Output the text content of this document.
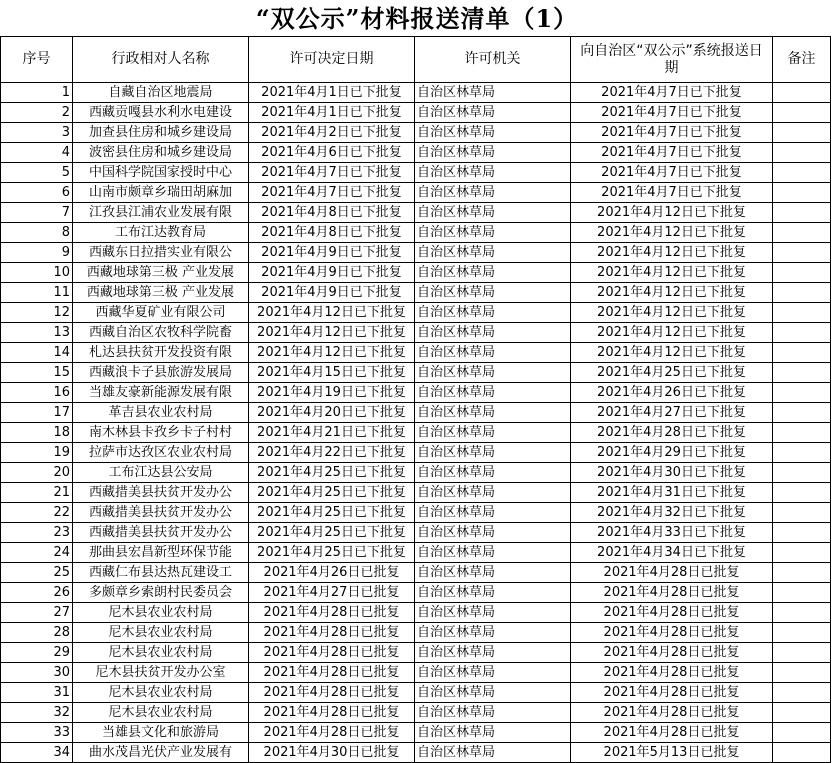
“双公示”材料报送清单（1）
序号	行政相对人名称	许可决定日期	许可机关	向自治区“双公示”系统报送日期	备注
1	自藏自治区地震局	2021年4月1日已下批复	自治区林草局	2021年4月7日已下批复	
2	西藏贡嘎县水利水电建设	2021年4月1日已下批复	自治区林草局	2021年4月7日已下批复	
3	加查县住房和城乡建设局	2021年4月2日已下批复	自治区林草局	2021年4月7日已下批复	
4	波密县住房和城乡建设局	2021年4月6日已下批复	自治区林草局	2021年4月7日已下批复	
5	中国科学院国家授时中心	2021年4月7日已下批复	自治区林草局	2021年4月7日已下批复	
6	山南市颇章乡瑞田胡麻加	2021年4月7日已下批复	自治区林草局	2021年4月7日已下批复	
7	江孜县江浦农业发展有限	2021年4月8日已下批复	自治区林草局	2021年4月12日已下批复	
8	工布江达教育局	2021年4月8日已下批复	自治区林草局	2021年4月12日已下批复	
9	西藏东日拉措实业有限公	2021年4月9日已下批复	自治区林草局	2021年4月12日已下批复	
10	西藏地球第三极 产业发展	2021年4月9日已下批复	自治区林草局	2021年4月12日已下批复	
11	西藏地球第三极 产业发展	2021年4月9日已下批复	自治区林草局	2021年4月12日已下批复	
12	西藏华夏矿业有限公司	2021年4月12日已下批复	自治区林草局	2021年4月12日已下批复	
13	西藏自治区农牧科学院畜	2021年4月12日已下批复	自治区林草局	2021年4月12日已下批复	
14	札达县扶贫开发投资有限	2021年4月12日已下批复	自治区林草局	2021年4月12日已下批复	
15	西藏浪卡子县旅游发展局	2021年4月15日已下批复	自治区林草局	2021年4月25日已下批复	
16	当雄友豪新能源发展有限	2021年4月19日已下批复	自治区林草局	2021年4月26日已下批复	
17	革吉县农业农村局	2021年4月20日已下批复	自治区林草局	2021年4月27日已下批复	
18	南木林县卡孜乡卡子村村	2021年4月21日已下批复	自治区林草局	2021年4月28日已下批复	
19	拉萨市达孜区农业农村局	2021年4月22日已下批复	自治区林草局	2021年4月29日已下批复	
20	工布江达县公安局	2021年4月25日已下批复	自治区林草局	2021年4月30日已下批复	
21	西藏措美县扶贫开发办公	2021年4月25日已下批复	自治区林草局	2021年4月31日已下批复	
22	西藏措美县扶贫开发办公	2021年4月25日已下批复	自治区林草局	2021年4月32日已下批复	
23	西藏措美县扶贫开发办公	2021年4月25日已下批复	自治区林草局	2021年4月33日已下批复	
24	那曲县宏昌新型环保节能	2021年4月25日已下批复	自治区林草局	2021年4月34日已下批复	
25	西藏仁布县达热瓦建设工	2021年4月26日已批复	自治区林草局	2021年4月28日已批复	
26	多颇章乡索朗村民委员会	2021年4月27日已批复	自治区林草局	2021年4月28日已批复	
27	尼木县农业农村局	2021年4月28日已批复	自治区林草局	2021年4月28日已批复	
28	尼木县农业农村局	2021年4月28日已批复	自治区林草局	2021年4月28日已批复	
29	尼木县农业农村局	2021年4月28日已批复	自治区林草局	2021年4月28日已批复	
30	尼木县扶贫开发办公室	2021年4月28日已批复	自治区林草局	2021年4月28日已批复	
31	尼木县农业农村局	2021年4月28日已批复	自治区林草局	2021年4月28日已批复	
32	尼木县农业农村局	2021年4月28日已批复	自治区林草局	2021年4月28日已批复	
33	当雄县文化和旅游局	2021年4月28日已批复	自治区林草局	2021年4月28日已批复	
34	曲水茂昌光伏产业发展有	2021年4月30日已批复	自治区林草局	2021年5月13日已批复	
